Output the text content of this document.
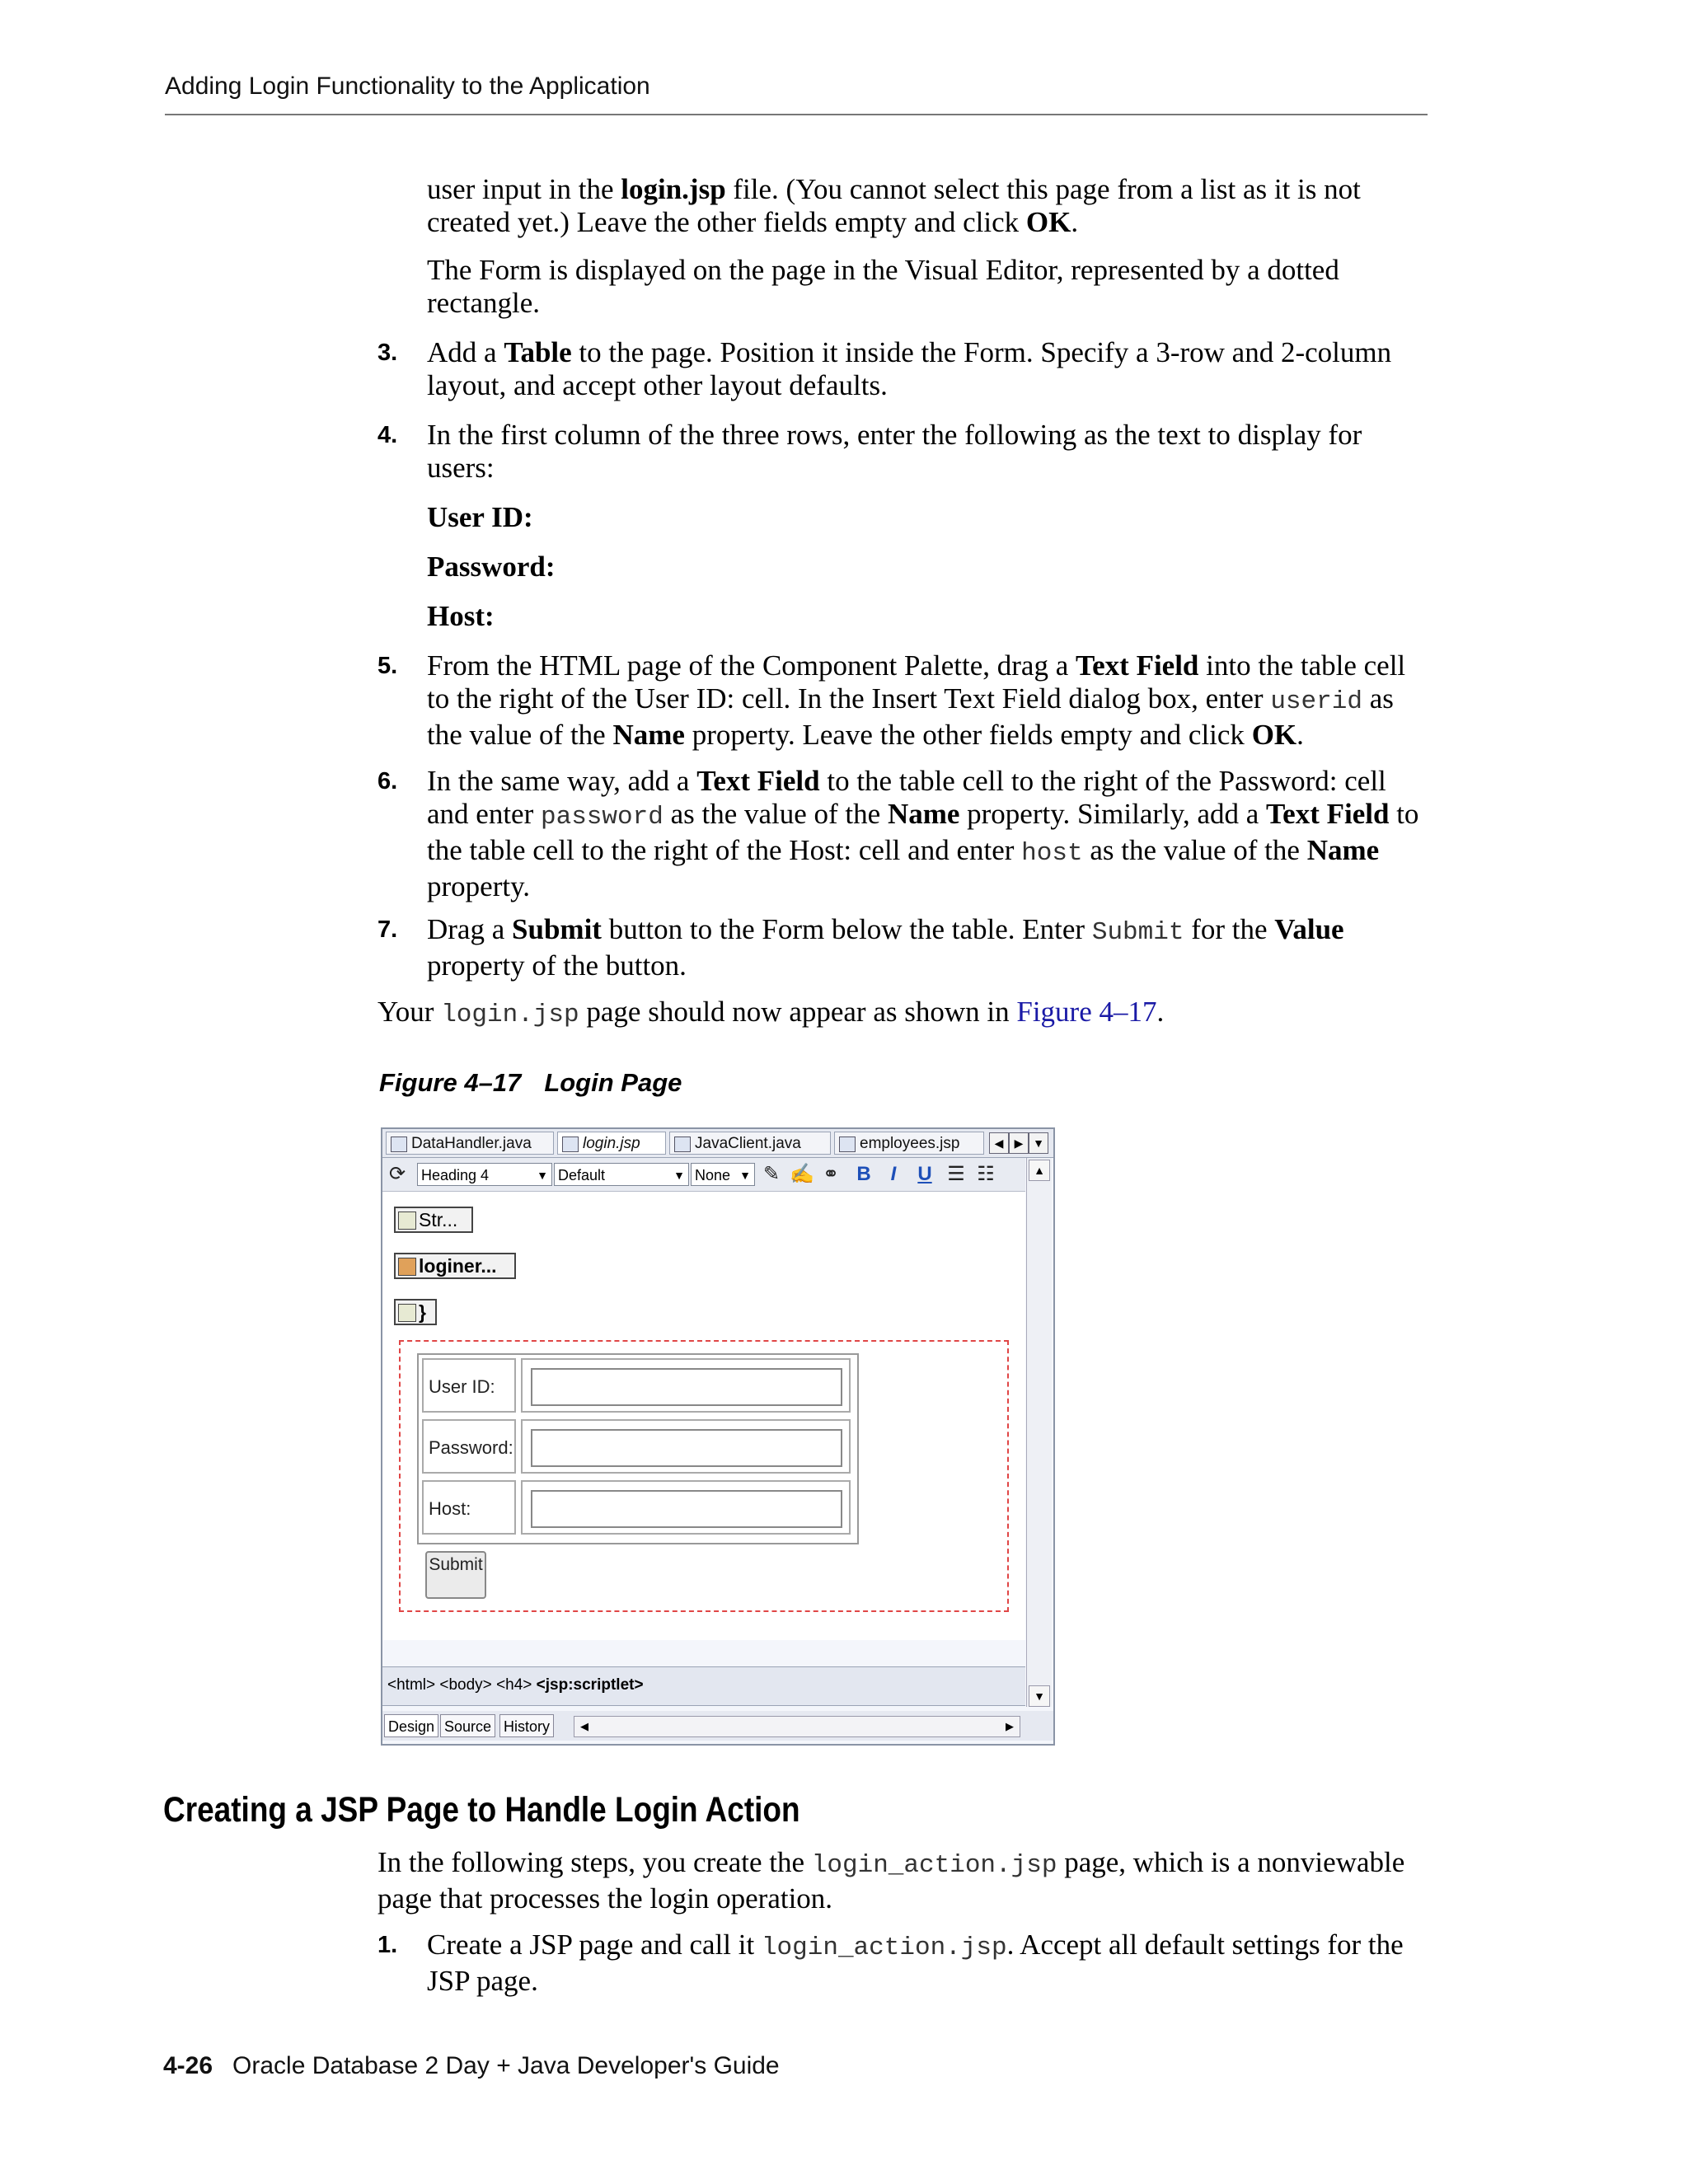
Adding Login Functionality to the Application

user input in the login.jsp file. (You cannot select this page from a list as it is not created yet.) Leave the other fields empty and click OK.

The Form is displayed on the page in the Visual Editor, represented by a dotted rectangle.

3. Add a Table to the page. Position it inside the Form. Specify a 3-row and 2-column layout, and accept other layout defaults.

4. In the first column of the three rows, enter the following as the text to display for users:

User ID:
Password:
Host:
5. From the HTML page of the Component Palette, drag a Text Field into the table cell to the right of the User ID: cell. In the Insert Text Field dialog box, enter userid as the value of the Name property. Leave the other fields empty and click OK.

6. In the same way, add a Text Field to the table cell to the right of the Password: cell and enter password as the value of the Name property. Similarly, add a Text Field to the table cell to the right of the Host: cell and enter host as the value of the Name property.

7. Drag a Submit button to the Form below the table. Enter Submit for the Value property of the button.

Your login.jsp page should now appear as shown in Figure 4–17.

Figure 4–17 Login Page
DataHandler.java	login.jsp	JavaClient.java	employees.jsp	◀ ▶ ▼
⟳ Heading 4	▼ Default	▼ None ▼ ✎ ✍ ⚭ B I	U ☰ ☷
Str...
loginer...
}
User ID:
Password:
Host:
Submit
▲
▼
<html> <body> <h4> <jsp:scriptlet>
Design Source History	◀	▶
Creating a JSP Page to Handle Login Action

In the following steps, you create the login_action.jsp page, which is a nonviewable page that processes the login operation.

1. Create a JSP page and call it login_action.jsp. Accept all default settings for the JSP page.

4-26 Oracle Database 2 Day + Java Developer's Guide
